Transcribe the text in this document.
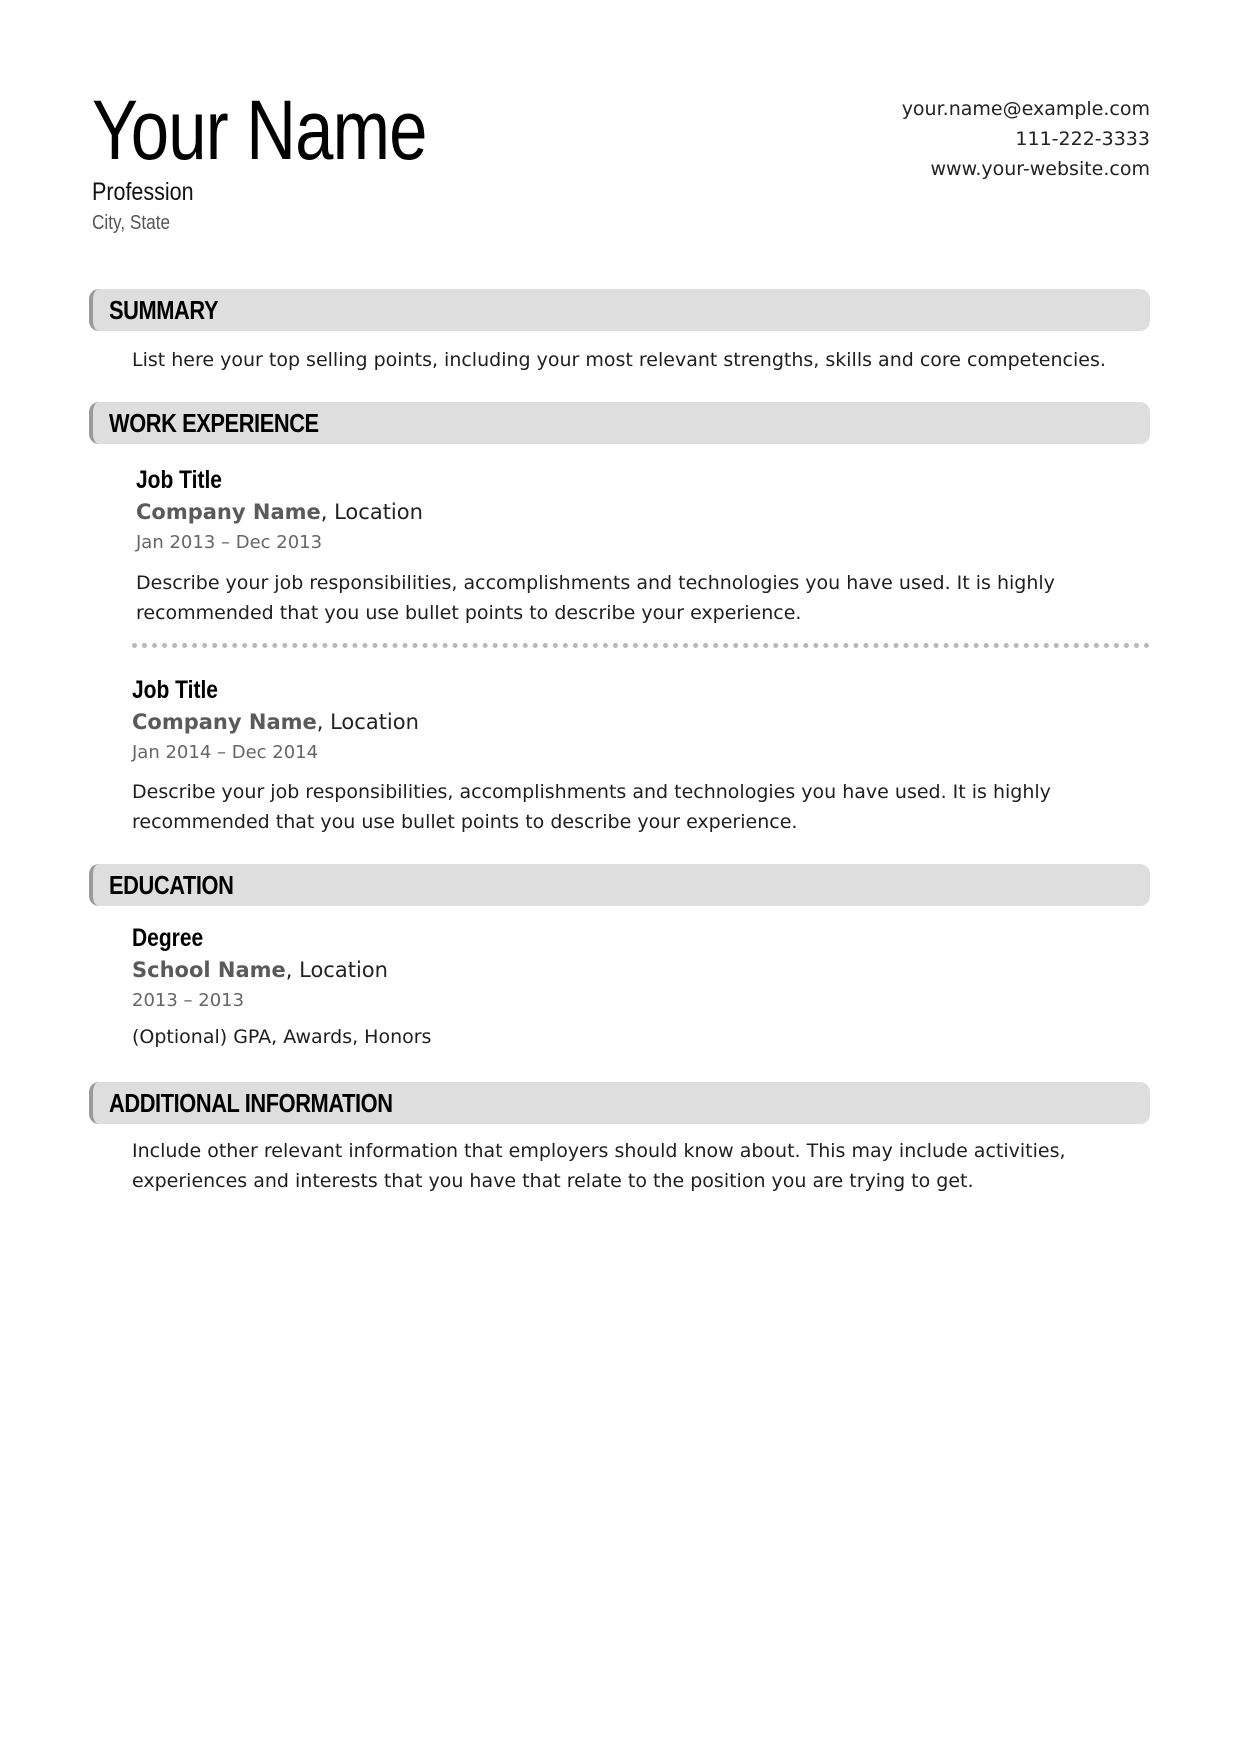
Your Name
Profession
City, State
your.name@example.com
111-222-3333
www.your-website.com
SUMMARY
List here your top selling points, including your most relevant strengths, skills and core competencies.
WORK EXPERIENCE
Job Title
Company Name, Location
Jan 2013 – Dec 2013
Describe your job responsibilities, accomplishments and technologies you have used. It is highly recommended that you use bullet points to describe your experience.
Job Title
Company Name, Location
Jan 2014 – Dec 2014
Describe your job responsibilities, accomplishments and technologies you have used. It is highly recommended that you use bullet points to describe your experience.
EDUCATION
Degree
School Name, Location
2013 – 2013
(Optional) GPA, Awards, Honors
ADDITIONAL INFORMATION
Include other relevant information that employers should know about. This may include activities, experiences and interests that you have that relate to the position you are trying to get.
